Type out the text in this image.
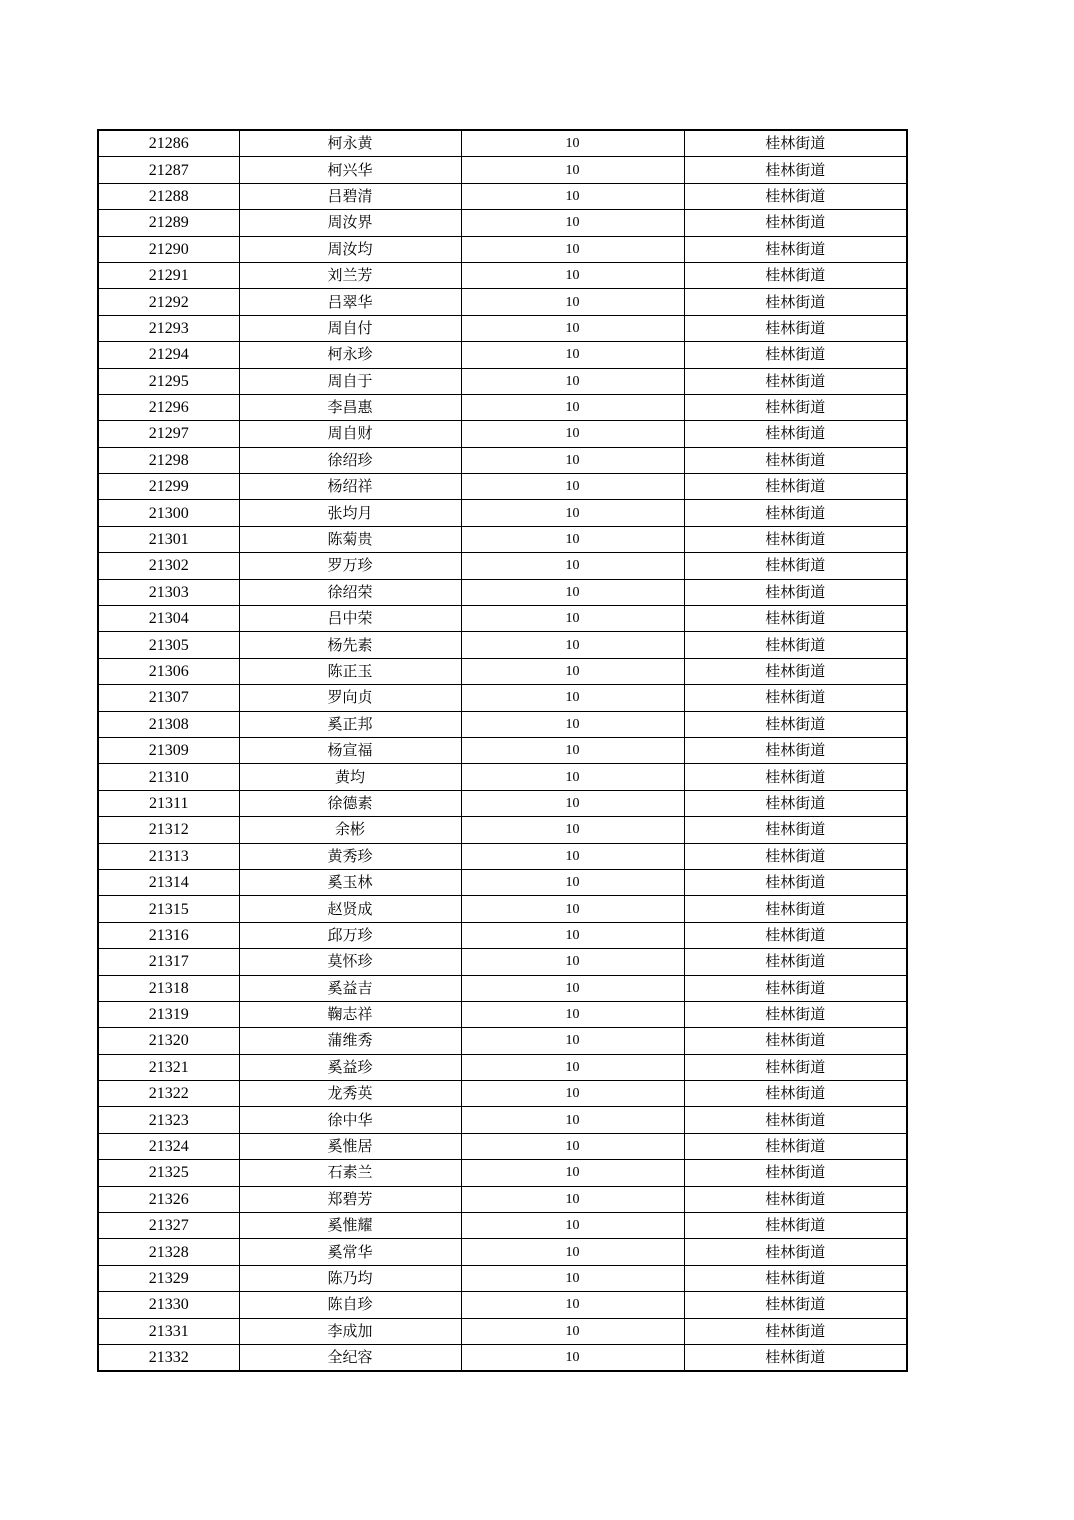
21286	柯永黄	10	桂林街道
21287	柯兴华	10	桂林街道
21288	吕碧清	10	桂林街道
21289	周汝界	10	桂林街道
21290	周汝均	10	桂林街道
21291	刘兰芳	10	桂林街道
21292	吕翠华	10	桂林街道
21293	周自付	10	桂林街道
21294	柯永珍	10	桂林街道
21295	周自于	10	桂林街道
21296	李昌惠	10	桂林街道
21297	周自财	10	桂林街道
21298	徐绍珍	10	桂林街道
21299	杨绍祥	10	桂林街道
21300	张均月	10	桂林街道
21301	陈菊贵	10	桂林街道
21302	罗万珍	10	桂林街道
21303	徐绍荣	10	桂林街道
21304	吕中荣	10	桂林街道
21305	杨先素	10	桂林街道
21306	陈正玉	10	桂林街道
21307	罗向贞	10	桂林街道
21308	奚正邦	10	桂林街道
21309	杨宣福	10	桂林街道
21310	黄均	10	桂林街道
21311	徐德素	10	桂林街道
21312	余彬	10	桂林街道
21313	黄秀珍	10	桂林街道
21314	奚玉林	10	桂林街道
21315	赵贤成	10	桂林街道
21316	邱万珍	10	桂林街道
21317	莫怀珍	10	桂林街道
21318	奚益吉	10	桂林街道
21319	鞠志祥	10	桂林街道
21320	蒲维秀	10	桂林街道
21321	奚益珍	10	桂林街道
21322	龙秀英	10	桂林街道
21323	徐中华	10	桂林街道
21324	奚惟居	10	桂林街道
21325	石素兰	10	桂林街道
21326	郑碧芳	10	桂林街道
21327	奚惟耀	10	桂林街道
21328	奚常华	10	桂林街道
21329	陈乃均	10	桂林街道
21330	陈自珍	10	桂林街道
21331	李成加	10	桂林街道
21332	全纪容	10	桂林街道
